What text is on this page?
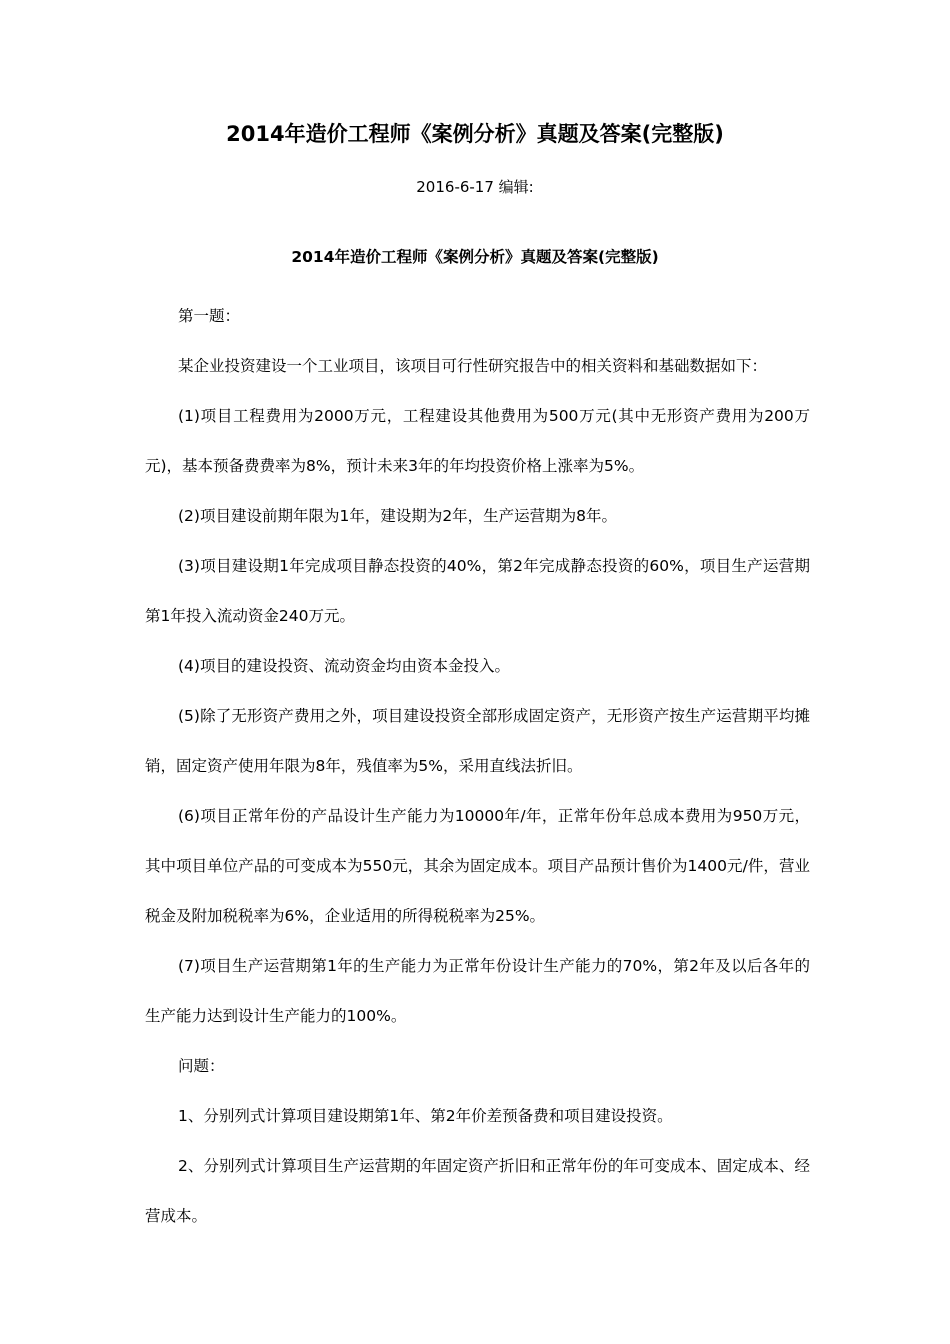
2014年造价工程师《案例分析》真题及答案(完整版)
2016-6-17 编辑:
2014年造价工程师《案例分析》真题及答案(完整版)

第一题：

某企业投资建设一个工业项目，该项目可行性研究报告中的相关资料和基础数据如下：

(1)项目工程费用为2000万元，工程建设其他费用为500万元(其中无形资产费用为200万元)，基本预备费费率为8%，预计未来3年的年均投资价格上涨率为5%。

(2)项目建设前期年限为1年，建设期为2年，生产运营期为8年。

(3)项目建设期1年完成项目静态投资的40%，第2年完成静态投资的60%，项目生产运营期第1年投入流动资金240万元。

(4)项目的建设投资、流动资金均由资本金投入。

(5)除了无形资产费用之外，项目建设投资全部形成固定资产，无形资产按生产运营期平均摊销，固定资产使用年限为8年，残值率为5%，采用直线法折旧。

(6)项目正常年份的产品设计生产能力为10000年/年，正常年份年总成本费用为950万元，其中项目单位产品的可变成本为550元，其余为固定成本。项目产品预计售价为1400元/件，营业税金及附加税税率为6%，企业适用的所得税税率为25%。

(7)项目生产运营期第1年的生产能力为正常年份设计生产能力的70%，第2年及以后各年的生产能力达到设计生产能力的100%。

问题：

1、分别列式计算项目建设期第1年、第2年价差预备费和项目建设投资。

2、分别列式计算项目生产运营期的年固定资产折旧和正常年份的年可变成本、固定成本、经营成本。
